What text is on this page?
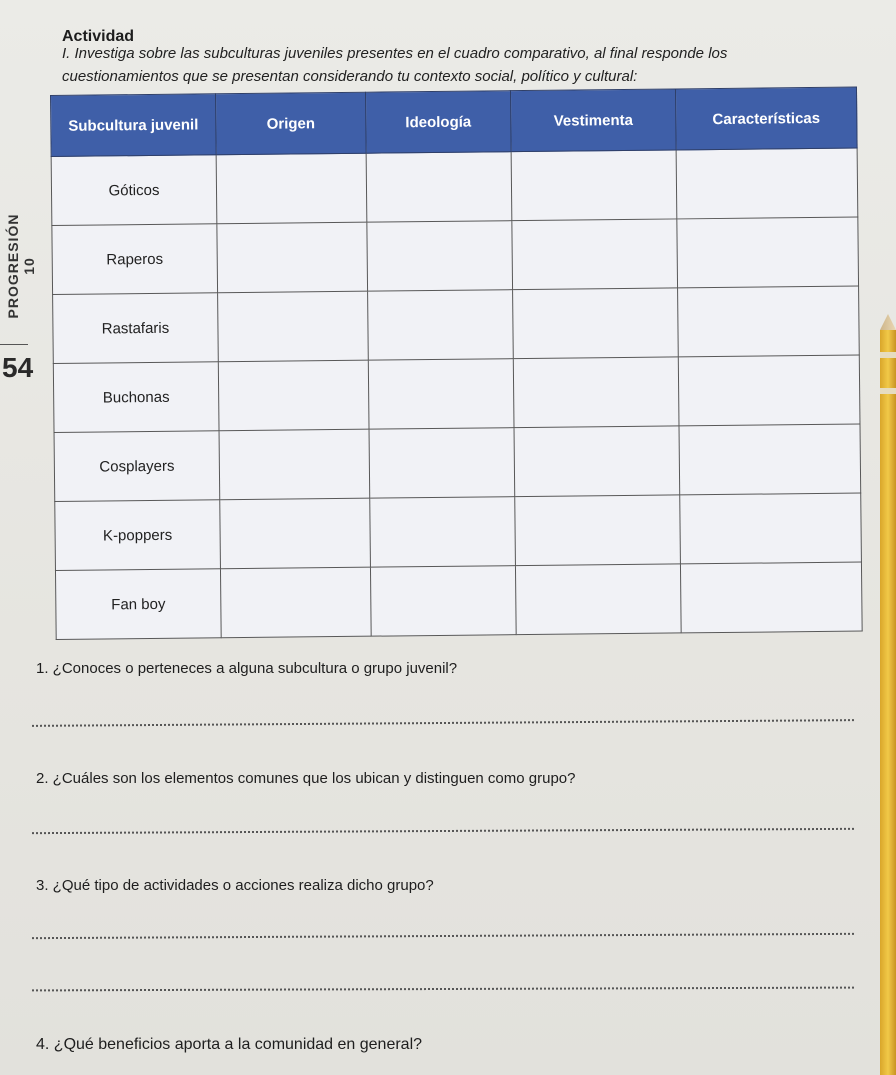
Actividad
I. Investiga sobre las subculturas juveniles presentes en el cuadro comparativo, al final responde los
cuestionamientos que se presentan considerando tu contexto social, político y cultural:
PROGRESIÓN 10
54
Subcultura juvenil	Origen	Ideología	Vestimenta	Características
Góticos				
Raperos				
Rastafaris				
Buchonas				
Cosplayers				
K-poppers				
Fan boy				
1. ¿Conoces o perteneces a alguna subcultura o grupo juvenil?
2. ¿Cuáles son los elementos comunes que los ubican y distinguen como grupo?
3. ¿Qué tipo de actividades o acciones realiza dicho grupo?
4. ¿Qué beneficios aporta a la comunidad en general?
